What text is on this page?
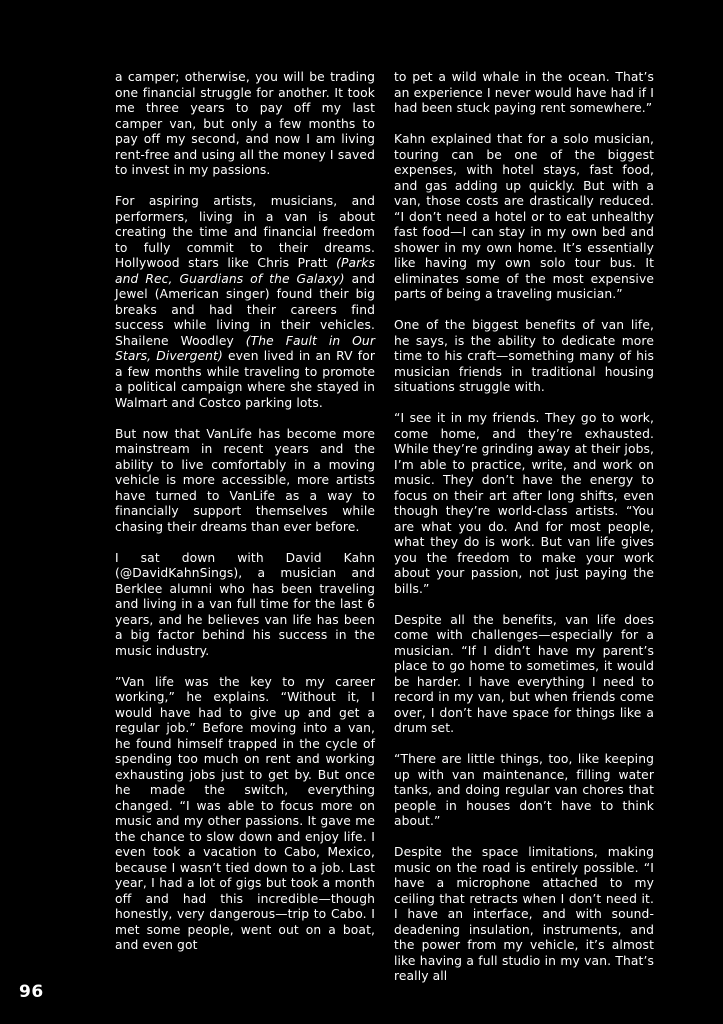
a camper; otherwise, you will be trading one financial struggle for another. It took me three years to pay off my last camper van, but only a few months to pay off my second, and now I am living rent-free and using all the money I saved to invest in my passions.

For aspiring artists, musicians, and performers, living in a van is about creating the time and financial freedom to fully commit to their dreams. Hollywood stars like Chris Pratt (Parks and Rec, Guardians of the Galaxy) and Jewel (American singer) found their big breaks and had their careers find success while living in their vehicles. Shailene Woodley (The Fault in Our Stars, Divergent) even lived in an RV for a few months while traveling to promote a political campaign where she stayed in Walmart and Costco parking lots.

But now that VanLife has become more mainstream in recent years and the ability to live comfortably in a moving vehicle is more accessible, more artists have turned to VanLife as a way to financially support themselves while chasing their dreams than ever before.

I sat down with David Kahn (@DavidKahnSings), a musician and Berklee alumni who has been traveling and living in a van full time for the last 6 years, and he believes van life has been a big factor behind his success in the music industry.

”Van life was the key to my career working,” he explains. “Without it, I would have had to give up and get a regular job.” Before moving into a van, he found himself trapped in the cycle of spending too much on rent and working exhausting jobs just to get by. But once he made the switch, everything changed. “I was able to focus more on music and my other passions. It gave me the chance to slow down and enjoy life. I even took a vacation to Cabo, Mexico, because I wasn’t tied down to a job. Last year, I had a lot of gigs but took a month off and had this incredible—though honestly, very dangerous—trip to Cabo. I met some people, went out on a boat, and even got

to pet a wild whale in the ocean. That’s an experience I never would have had if I had been stuck paying rent somewhere.”

Kahn explained that for a solo musician, touring can be one of the biggest expenses, with hotel stays, fast food, and gas adding up quickly. But with a van, those costs are drastically reduced. “I don’t need a hotel or to eat unhealthy fast food—I can stay in my own bed and shower in my own home. It’s essentially like having my own solo tour bus. It eliminates some of the most expensive parts of being a traveling musician.”

One of the biggest benefits of van life, he says, is the ability to dedicate more time to his craft—something many of his musician friends in traditional housing situations struggle with.

“I see it in my friends. They go to work, come home, and they’re exhausted. While they’re grinding away at their jobs, I’m able to practice, write, and work on music. They don’t have the energy to focus on their art after long shifts, even though they’re world-class artists. “You are what you do. And for most people, what they do is work. But van life gives you the freedom to make your work about your passion, not just paying the bills.”

Despite all the benefits, van life does come with challenges—especially for a musician. “If I didn’t have my parent’s place to go home to sometimes, it would be harder. I have everything I need to record in my van, but when friends come over, I don’t have space for things like a drum set.

“There are little things, too, like keeping up with van maintenance, filling water tanks, and doing regular van chores that people in houses don’t have to think about.”

Despite the space limitations, making music on the road is entirely possible. “I have a microphone attached to my ceiling that retracts when I don’t need it. I have an interface, and with sound-deadening insulation, instruments, and the power from my vehicle, it’s almost like having a full studio in my van. That’s really all

96
